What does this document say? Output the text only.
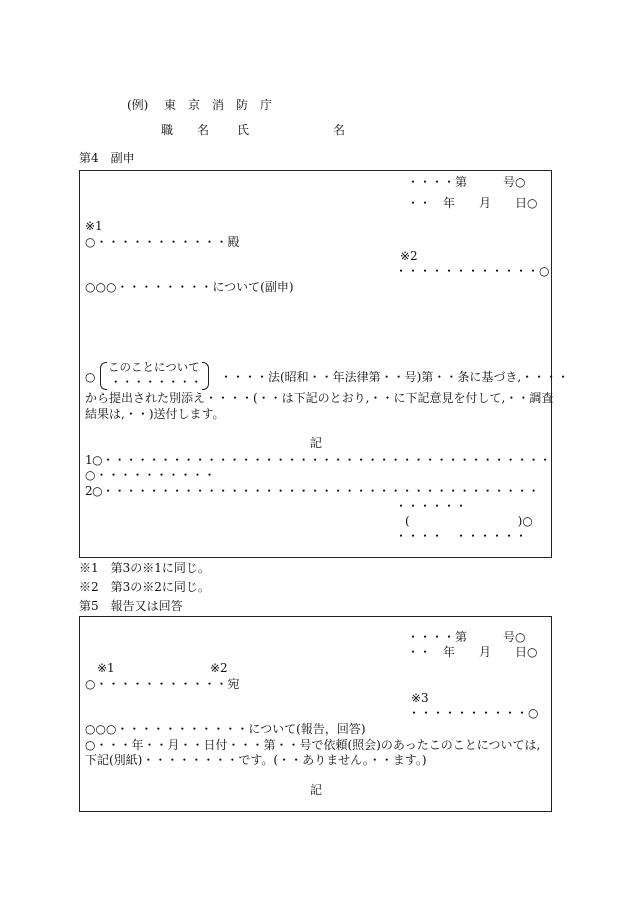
(例) 東　京　消　防　庁
職　　名 氏　　　　　　　名
第4　副申
・・・・第　　　号○
・・　年　　月　　日○
※1
○・・・・・・・・・・・殿
※2
・・・・・・・・・・・・○
○○○・・・・・・・・について(副申)
○
このことについて
・・・・・・・・ ・・・・法(昭和・・年法律第・・号)第・・条に基づき,・・・・
から提出された別添え・・・・(・・は下記のとおり,・・に下記意見を付して,・・調査
結果は,・・)送付します。
記
1○・・・・・・・・・・・・・・・・・・・・・・・・・・・・・・・・・・・・・・・
○・・・・・・・・・・
2○・・・・・・・・・・・・・・・・・・・・・・・・・・・・・・・・・・・・・・
・・・・・・
(　　　　　　　　　)○
・・・・　・・・・・・
※1　第3の※1に同じ。
※2　第3の※2に同じ。
第5　報告又は回答
・・・・第　　　号○
・・　年　　月　　日○
※1	※2
○・・・・・・・・・・・宛
※3
・・・・・・・・・・○
○○○・・・・・・・・・・・について(報告，回答)
○・・・年・・月・・日付・・・第・・号で依頼(照会)のあったこのことについては,
下記(別紙)・・・・・・・・です。(・・ありません。・・ます。)
記
